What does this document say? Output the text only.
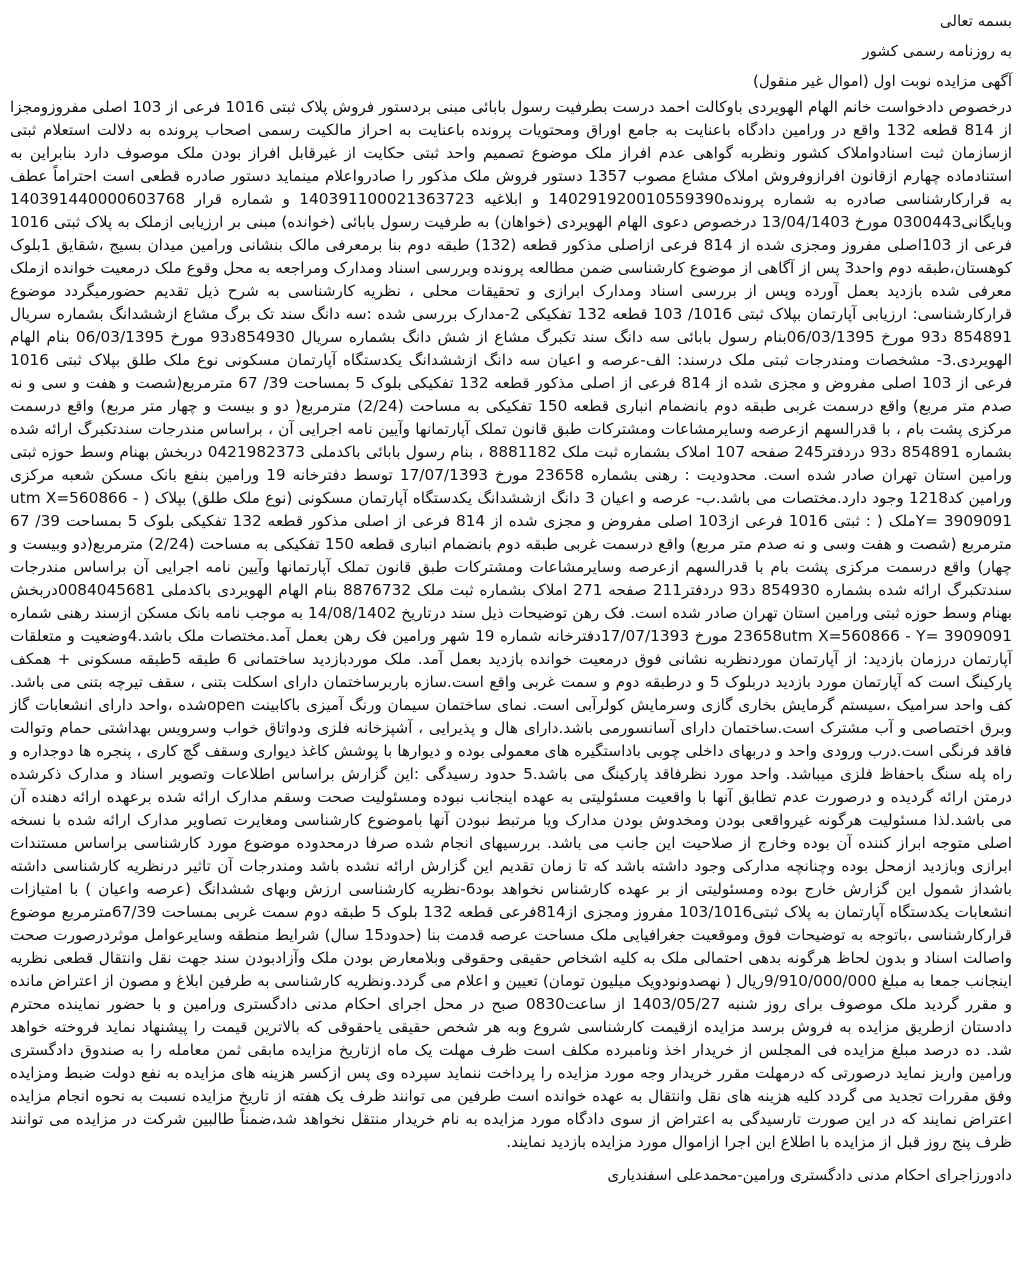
بسمه تعالی

به روزنامه رسمی کشور

آگهی مزایده نوبت اول (اموال غیر منقول)

درخصوص دادخواست خانم الهام الهویردی باوکالت احمد درست بطرفیت رسول بابائی مبنی بردستور فروش پلاک ثبتی 1016 فرعی از 103 اصلی مفروزومجزا از 814 قطعه 132 واقع در ورامین دادگاه باعنایت به جامع اوراق ومحتویات پرونده باعنایت به احراز مالکیت رسمی اصحاب پرونده به دلالت استعلام ثبتی ازسازمان ثبت اسنادواملاک کشور ونظربه گواهی عدم افراز ملک موضوع تصمیم واحد ثبتی حکایت از غیرقابل افراز بودن ملک موصوف دارد بنابراین به استنادماده چهارم ازقانون افرازوفروش املاک مشاع مصوب 1357 دستور فروش ملک مذکور را صادرواعلام مینماید دستور صادره قطعی است احتراماً عطف به قرارکارشناسی صادره به شماره پرونده140291920010559390 و ابلاغیه 140391100021363723 و شماره قرار 140391440000603768 وبایگانی0300443 مورخ 13/04/1403 درخصوص دعوی الهام الهویردی (خواهان) به طرفیت رسول بابائی (خوانده) مبنی بر ارزیابی ازملک به پلاک ثبتی 1016 فرعی از 103اصلی مفروز ومجزی شده از 814 فرعی ازاصلی مذکور قطعه (132) طبقه دوم بنا برمعرفی مالک بنشانی ورامین میدان بسیج ،شقایق 1بلوک کوهستان،طبقه دوم واحد3 پس از آگاهی از موضوع کارشناسی ضمن مطالعه پرونده وبررسی اسناد ومدارک ومراجعه به محل وقوع ملک درمعیت خوانده ازملک معرفی شده بازدید بعمل آورده وپس از بررسی اسناد ومدارک ابرازی و تحقیقات محلی ، نظریه کارشناسی به شرح ذیل تقدیم حضورمیگردد موضوع قرارکارشناسی: ارزیابی آپارتمان بپلاک ثبتی 1016/ 103 قطعه 132 تفکیکی 2-مدارک بررسی شده :سه دانگ سند تک برگ مشاع ازششدانگ بشماره سریال 854891 د93 مورخ 06/03/1395بنام رسول بابائی سه دانگ سند تکبرگ مشاع از شش دانگ بشماره سریال 854930د93 مورخ 06/03/1395 بنام الهام الهویردی.3- مشخصات ومندرجات ثبتی ملک درسند: الف-عرصه و اعیان سه دانگ ازششدانگ یکدستگاه آپارتمان مسکونی نوع ملک طلق بپلاک ثبتی 1016 فرعی از 103 اصلی مفروض و مجزی شده از 814 فرعی از اصلی مذکور قطعه 132 تفکیکی بلوک 5 بمساحت 39/ 67 مترمربع(شصت و هفت و سی و نه صدم متر مربع) واقع درسمت غربی طبقه دوم بانضمام انباری قطعه 150 تفکیکی به مساحت (2/24) مترمربع( دو و بیست و چهار متر مربع) واقع درسمت مرکزی پشت بام ، با قدرالسهم ازعرصه وسایرمشاعات ومشترکات طبق قانون تملک آپارتمانها وآیین نامه اجرایی آن ، براساس مندرجات سندتکبرگ ارائه شده بشماره 854891 د93 دردفتر245 صفحه 107 املاک بشماره ثبت ملک 8881182 ، بنام رسول بابائی باکدملی 0421982373 دربخش بهنام وسط حوزه ثبتی ورامین استان تهران صادر شده است. محدودیت : رهنی بشماره 23658 مورخ 17/07/1393 توسط دفترخانه 19 ورامین بنفع بانک مسکن شعبه مرکزی ورامین کد1218 وجود دارد.مختصات می باشد.ب- عرصه و اعیان 3 دانگ ازششدانگ یکدستگاه آپارتمان مسکونی (نوع ملک طلق) بپلاک ( utm X=560866 -Y= 3909091ملک ( : ثبتی 1016 فرعی از103 اصلی مفروض و مجزی شده از 814 فرعی از اصلی مذکور قطعه 132 تفکیکی بلوک 5 بمساحت 39/ 67 مترمربع (شصت و هفت وسی و نه صدم متر مربع) واقع درسمت غربی طبقه دوم بانضمام انباری قطعه 150 تفکیکی به مساحت (2/24) مترمربع(دو وبیست و چهار) واقع درسمت مرکزی پشت بام با قدرالسهم ازعرصه وسایرمشاعات ومشترکات طبق قانون تملک آپارتمانها وآیین نامه اجرایی آن براساس مندرجات سندتکبرگ ارائه شده بشماره 854930 د93 دردفتر211 صفحه 271 املاک بشماره ثبت ملک 8876732 بنام الهام الهویردی باکدملی 0084045681دربخش بهنام وسط حوزه ثبتی ورامین استان تهران صادر شده است. فک رهن توضیحات ذیل سند درتاریخ 14/08/1402 به موجب نامه بانک مسکن ازسند رهنی شماره 23658utm X=560866 - Y= 3909091 مورخ 17/07/1393دفترخانه شماره 19 شهر ورامین فک رهن بعمل آمد.مختصات ملک باشد.4وضعیت و متعلقات آپارتمان درزمان بازدید: از آپارتمان موردنظربه نشانی فوق درمعیت خوانده بازدید بعمل آمد. ملک موردبازدید ساختمانی 6 طبقه 5طبقه مسکونی + همکف پارکینگ است که آپارتمان مورد بازدید دربلوک 5 و درطبقه دوم و سمت غربی واقع است.سازه باربرساختمان دارای اسکلت بتنی ، سقف تیرچه بتنی می باشد. کف واحد سرامیک ،سیستم گرمایش بخاری گازی وسرمایش کولرآبی است. نمای ساختمان سیمان ورنگ آمیزی باکابینت openشده ،واحد دارای انشعابات گاز وبرق اختصاصی و آب مشترک است.ساختمان دارای آسانسورمی باشد.دارای هال و پذیرایی ، آشپزخانه فلزی ودواتاق خواب وسرویس بهداشتی حمام وتوالت فاقد فرنگی است.درب ورودی واحد و دربهای داخلی چوبی باداستگیره های معمولی بوده و دیوارها با پوشش کاغذ دیواری وسقف گچ کاری ، پنجره ها دوجداره و راه پله سنگ باحفاظ فلزی میباشد. واحد مورد نظرفاقد پارکینگ می باشد.5 حدود رسیدگی :این گزارش براساس اطلاعات وتصویر اسناد و مدارک ذکرشده درمتن ارائه گردیده و درصورت عدم تطابق آنها با واقعیت مسئولیتی به عهده اینجانب نبوده ومسئولیت صحت وسقم مدارک ارائه شده برعهده ارائه دهنده آن می باشد.لذا مسئولیت هرگونه غیرواقعی بودن ومخدوش بودن مدارک ویا مرتبط نبودن آنها باموضوع کارشناسی ومغایرت تصاویر مدارک ارائه شده با نسخه اصلی متوجه ابراز کننده آن بوده وخارج از صلاحیت این جانب می باشد. بررسیهای انجام شده صرفا درمحدوده موضوع مورد کارشناسی براساس مستندات ابرازی وبازدید ازمحل بوده وچنانچه مدارکی وجود داشته باشد که تا زمان تقدیم این گزارش ارائه نشده باشد ومندرجات آن تاثیر درنظریه کارشناسی داشته باشداز شمول این گزارش خارج بوده ومسئولیتی از بر عهده کارشناس نخواهد بود6-نظریه کارشناسی ارزش وبهای ششدانگ (عرصه واعیان ) با امتیازات انشعابات یکدستگاه آپارتمان به پلاک ثبتی103/1016 مفروز ومجزی از814فرعی قطعه 132 بلوک 5 طبقه دوم سمت غربی بمساحت 67/39مترمربع موضوع قرارکارشناسی ،باتوجه به توضیحات فوق وموقعیت جغرافیایی ملک مساحت عرصه قدمت بنا (حدود15 سال) شرایط منطقه وسایرعوامل موثردرصورت صحت واصالت اسناد و بدون لحاظ هرگونه بدهی احتمالی ملک به کلیه اشخاص حقیقی وحقوقی وبلامعارض بودن ملک وآزادبودن سند جهت نقل وانتقال قطعی نظریه اینجانب جمعا به مبلغ 9/910/000/000ریال ( نهصدونودویک میلیون تومان) تعیین و اعلام می گردد.ونظریه کارشناسی به طرفین ابلاغ و مصون از اعتراض مانده و مقرر گردید ملک موصوف برای روز شنبه 1403/05/27 از ساعت0830 صبح در محل اجرای احکام مدنی دادگستری ورامین و با حضور نماینده محترم دادستان ازطریق مزایده به فروش برسد مزایده ازقیمت کارشناسی شروع وبه هر شخص حقیقی یاحقوقی که بالاترین قیمت را پیشنهاد نماید فروخته خواهد شد. ده درصد مبلغ مزایده فی المجلس از خریدار اخذ ونامبرده مکلف است ظرف مهلت یک ماه ازتاریخ مزایده مابقی ثمن معامله را به صندوق دادگستری ورامین واریز نماید درصورتی که درمهلت مقرر خریدار وجه مورد مزایده را پرداخت ننماید سپرده وی پس ازکسر هزینه های مزایده به نفع دولت ضبط ومزایده وفق مقررات تجدید می گردد کلیه هزینه های نقل وانتقال به عهده خوانده است طرفین می توانند ظرف یک هفته از تاریخ مزایده نسبت به نحوه انجام مزایده اعتراض نمایند که در این صورت تارسیدگی به اعتراض از سوی دادگاه مورد مزایده به نام خریدار منتقل نخواهد شد،ضمناً طالبین شرکت در مزایده می توانند ظرف پنج روز قبل از مزایده با اطلاع این اجرا ازاموال مورد مزایده بازدید نمایند.

دادورزاجرای احکام مدنی دادگستری ورامین-محمدعلی اسفندیاری
